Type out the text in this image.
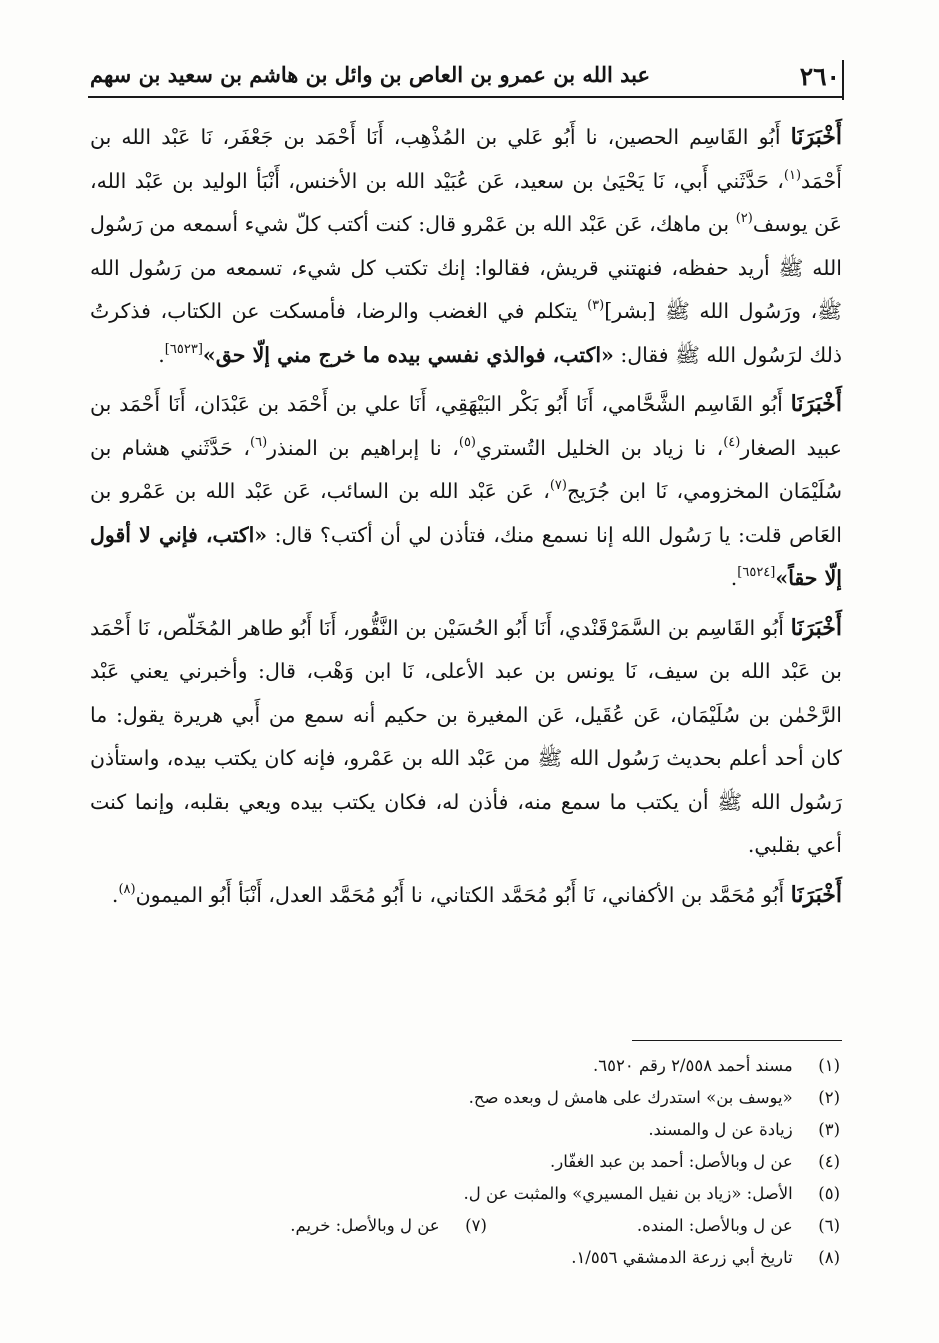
٢٦٠
عبد الله بن عمرو بن العاص بن وائل بن هاشم بن سعيد بن سهم

أَخْبَرَنَا أَبُو القَاسِم الحصين، نا أَبُو عَلي بن المُذْهِب، أَنَا أَحْمَد بن جَعْفَر، نَا عَبْد الله بن أَحْمَد$^{(١)}$، حَدَّثَني أَبي، نَا يَحْيَىٰ بن سعيد، عَن عُبَيْد الله بن الأخنس، أَنْبَأ الوليد بن عَبْد الله، عَن يوسف$^{(٢)}$ بن ماهك، عَن عَبْد الله بن عَمْرو قال: كنت أكتب كلّ شيء أسمعه من رَسُول الله ﷺ أريد حفظه، فنهتني قريش، فقالوا: إنك تكتب كل شيء، تسمعه من رَسُول الله ﷺ، ورَسُول الله ﷺ [بشر]$^{(٣)}$ يتكلم في الغضب والرضا، فأمسكت عن الكتاب، فذكرتُ ذلك لرَسُول الله ﷺ فقال: «اكتب، فوالذي نفسي بيده ما خرج مني إلّا حق»[٦٥٢٣].

أَخْبَرَنَا أَبُو القَاسِم الشَّحَّامي، أَنَا أَبُو بَكْر البَيْهَقِي، أَنَا علي بن أَحْمَد بن عَبْدَان، أَنَا أَحْمَد بن عبيد الصغار$^{(٤)}$، نا زياد بن الخليل التُستري$^{(٥)}$، نا إبراهيم بن المنذر$^{(٦)}$، حَدَّثَني هشام بن سُلَيْمَان المخزومي، نَا ابن جُرَيج$^{(٧)}$، عَن عَبْد الله بن السائب، عَن عَبْد الله بن عَمْرو بن العَاص قلت: يا رَسُول الله إنا نسمع منك، فتأذن لي أن أكتب؟ قال: «اكتب، فإني لا أقول إلّا حقاً»[٦٥٢٤].

أَخْبَرَنَا أَبُو القَاسِم بن السَّمَرْقَنْدي، أَنَا أَبُو الحُسَيْن بن النَّقُّور، أَنَا أَبُو طاهر المُخَلّص، نَا أَحْمَد بن عَبْد الله بن سيف، نَا يونس بن عبد الأعلى، نَا ابن وَهْب، قال: وأخبرني يعني عَبْد الرَّحْمٰن بن سُلَيْمَان، عَن عُقَيل، عَن المغيرة بن حكيم أنه سمع من أَبي هريرة يقول: ما كان أحد أعلم بحديث رَسُول الله ﷺ من عَبْد الله بن عَمْرو، فإنه كان يكتب بيده، واستأذن رَسُول الله ﷺ أن يكتب ما سمع منه، فأذن له، فكان يكتب بيده ويعي بقلبه، وإنما كنت أعي بقلبي.

أَخْبَرَنَا أَبُو مُحَمَّد بن الأكفاني، نَا أَبُو مُحَمَّد الكتاني، نا أَبُو مُحَمَّد العدل، أَنْبَأ أَبُو الميمون$^{(٨)}$.

(١) مسند أحمد ٢/٥٥٨ رقم ٦٥٢٠.
(٢) «يوسف بن» استدرك على هامش ل وبعده صح.
(٣) زيادة عن ل والمسند.
(٤) عن ل وبالأصل: أحمد بن عبد الغفّار.
(٥) الأصل: «زياد بن نفيل المسيري» والمثبت عن ل.
(٦) عن ل وبالأصل: المنده.
(٧) عن ل وبالأصل: خريم.
(٨) تاريخ أبي زرعة الدمشقي ١/٥٥٦.
